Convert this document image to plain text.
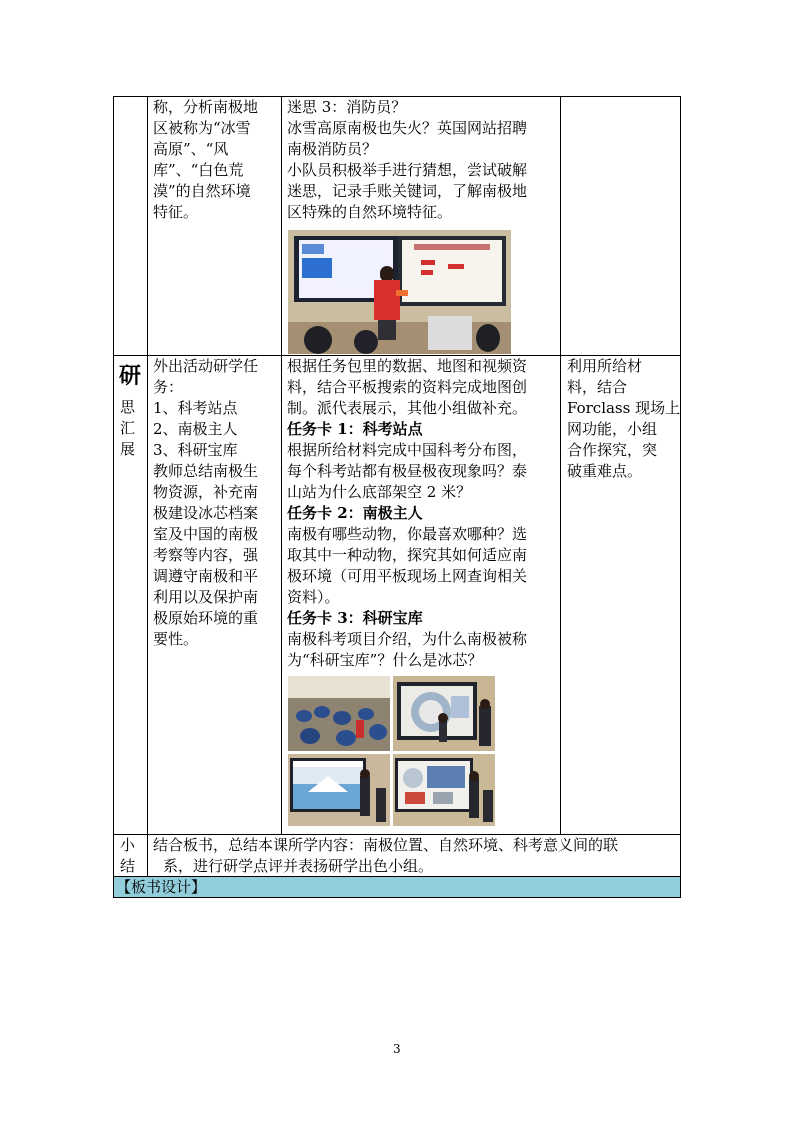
称，分析南极地
区被称为“冰雪
高原”、“风
库”、“白色荒
漠”的自然环境
特征。
迷思 3：消防员？
冰雪高原南极也失火？英国网站招聘
南极消防员？
小队员积极举手进行猜想，尝试破解
迷思，记录手账关键词，了解南极地
区特殊的自然环境特征。
研
思
汇
展
外出活动研学任
务：
1、科考站点
2、南极主人
3、科研宝库
教师总结南极生
物资源，补充南
极建设冰芯档案
室及中国的南极
考察等内容，强
调遵守南极和平
利用以及保护南
极原始环境的重
要性。
根据任务包里的数据、地图和视频资
料，结合平板搜索的资料完成地图创
制。派代表展示，其他小组做补充。
任务卡 1：科考站点
根据所给材料完成中国科考分布图，
每个科考站都有极昼极夜现象吗？泰
山站为什么底部架空 2 米？
任务卡 2：南极主人
南极有哪些动物，你最喜欢哪种？选
取其中一种动物，探究其如何适应南
极环境（可用平板现场上网查询相关
资料）。
任务卡 3：科研宝库
南极科考项目介绍，为什么南极被称
为“科研宝库”？什么是冰芯？
利用所给材
料，结合
Forclass 现场上
网功能，小组
合作探究，突
破重难点。
小
结
结合板书，总结本课所学内容：南极位置、自然环境、科考意义间的联
系，进行研学点评并表扬研学出色小组。
【板书设计】
3
